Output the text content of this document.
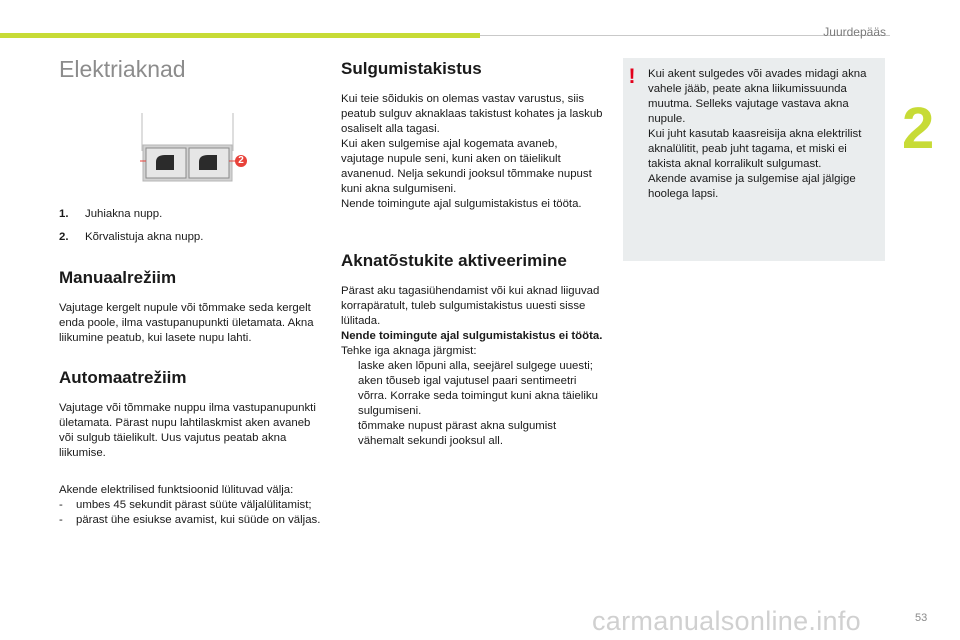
Juurdepääs
2
Elektriaknad
1	2
1.	Juhiakna nupp.
2.	Kõrvalistuja akna nupp.
Manuaalrežiim

Vajutage kergelt nupule või tõmmake seda kergelt enda poole, ilma vastupanupunkti ületamata. Akna liikumine peatub, kui lasete nupu lahti.

Automaatrežiim

Vajutage või tõmmake nuppu ilma vastupanupunkti ületamata. Pärast nupu lahtilaskmist aken avaneb või sulgub täielikult. Uus vajutus peatab akna liikumise.

Akende elektrilised funktsioonid lülituvad välja:

-	umbes 45 sekundit pärast süüte väljalülitamist;
-	pärast ühe esiukse avamist, kui süüde on väljas.
Sulgumistakistus

Kui teie sõidukis on olemas vastav varustus, siis peatub sulguv aknaklaas takistust kohates ja laskub osaliselt alla tagasi.

Kui aken sulgemise ajal kogemata avaneb, vajutage nupule seni, kuni aken on täielikult avanenud. Nelja sekundi jooksul tõmmake nupust kuni akna sulgumiseni.

Nende toimingute ajal sulgumistakistus ei tööta.

Aknatõstukite aktiveerimine

Pärast aku tagasiühendamist või kui aknad liiguvad korrapäratult, tuleb sulgumistakistus uuesti sisse lülitada.

Nende toimingute ajal sulgumistakistus ei tööta.

Tehke iga aknaga järgmist:

laske aken lõpuni alla, seejärel sulgege uuesti; aken tõuseb igal vajutusel paari sentimeetri võrra. Korrake seda toimingut kuni akna täieliku sulgumiseni.
tõmmake nupust pärast akna sulgumist vähemalt sekundi jooksul all.
!	Kui akent sulgedes või avades midagi akna vahele jääb, peate akna liikumissuunda muutma. Selleks vajutage vastava akna nupule.

Kui juht kasutab kaasreisija akna elektrilist aknalülitit, peab juht tagama, et miski ei takista aknal korralikult sulgumast.

Akende avamise ja sulgemise ajal jälgige hoolega lapsi.

53
carmanualsonline.info
